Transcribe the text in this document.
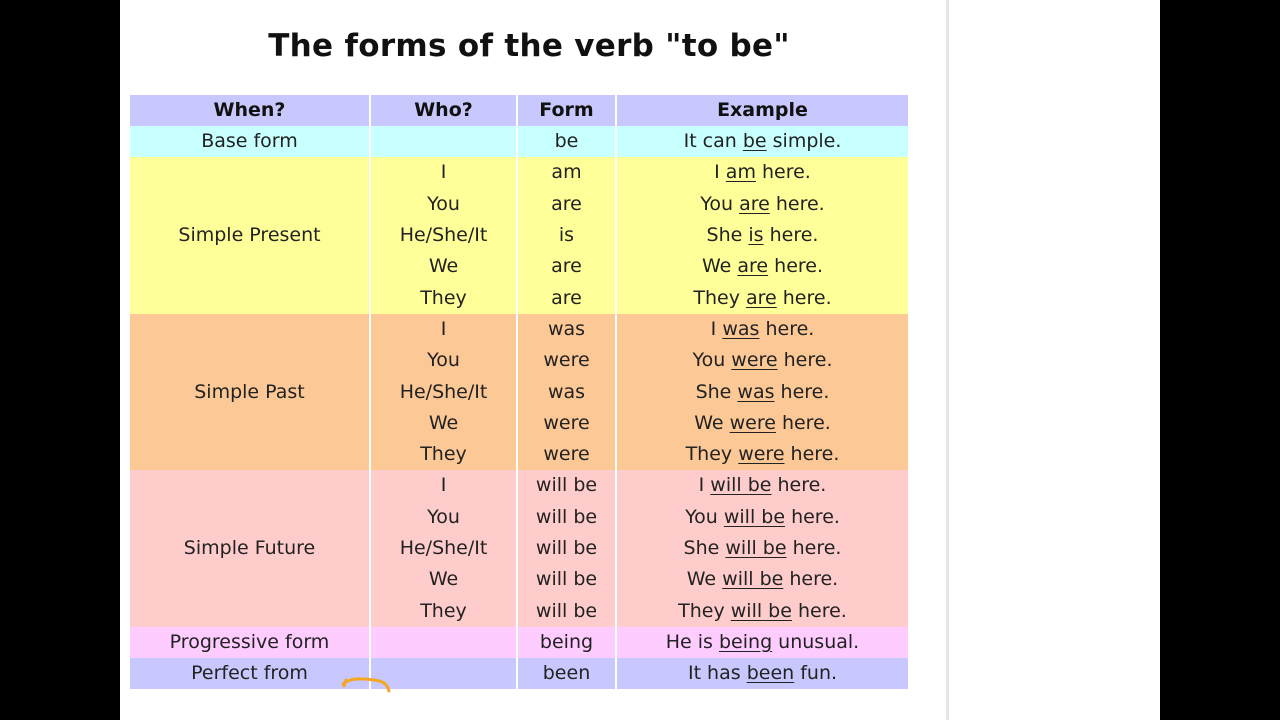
The forms of the verb "to be"
When?	Who?	Form	Example
Base form		be	It can be simple.
Simple Present	I	am	I am here.
	You	are	You are here.
	He/She/It	is	She is here.
	We	are	We are here.
	They	are	They are here.
Simple Past	I	was	I was here.
	You	were	You were here.
	He/She/It	was	She was here.
	We	were	We were here.
	They	were	They were here.
Simple Future	I	will be	I will be here.
	You	will be	You will be here.
	He/She/It	will be	She will be here.
	We	will be	We will be here.
	They	will be	They will be here.
Progressive form		being	He is being unusual.
Perfect from		been	It has been fun.
